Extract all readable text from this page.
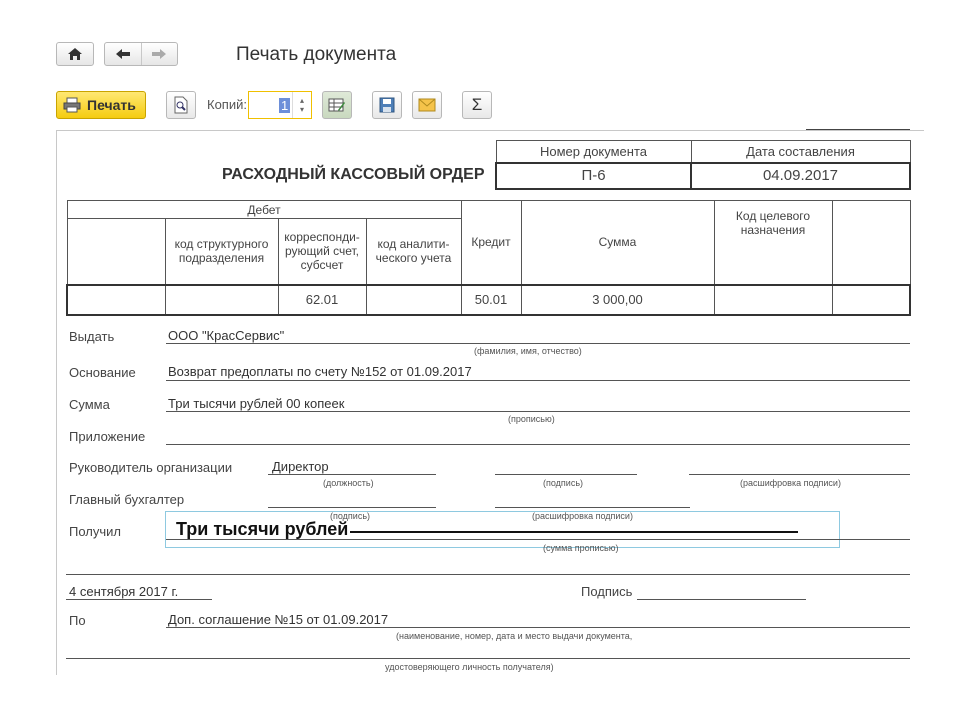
Печать документа
Печать	Копий:	1 ▴
▾	Σ
РАСХОДНЫЙ КАССОВЫЙ ОРДЕР
Номер документа	Дата составления
П-6	04.09.2017
Дебет				Кредит	Сумма	Код целевого назначения	
	код структурного подразделения	корреспонди-рующий счет, субсчет	код аналити-ческого учета				
		62.01		50.01	3 000,00		
Выдать	ООО "КрасСервис"
(фамилия, имя, отчество)
Основание Возврат предоплаты по счету №152 от 01.09.2017
Сумма	Три тысячи рублей 00 копеек
(прописью)
Приложение
Руководитель организации	Директор
(должность)	(подпись)	(расшифровка подписи)
Главный бухгалтер
(подпись)	(расшифровка подписи)
Получил	Три тысячи рублей
(сумма прописью)
4 сентября 2017 г.	Подпись
По	Доп. соглашение №15 от 01.09.2017
(наименование, номер, дата и место выдачи документа,
удостоверяющего личность получателя)
